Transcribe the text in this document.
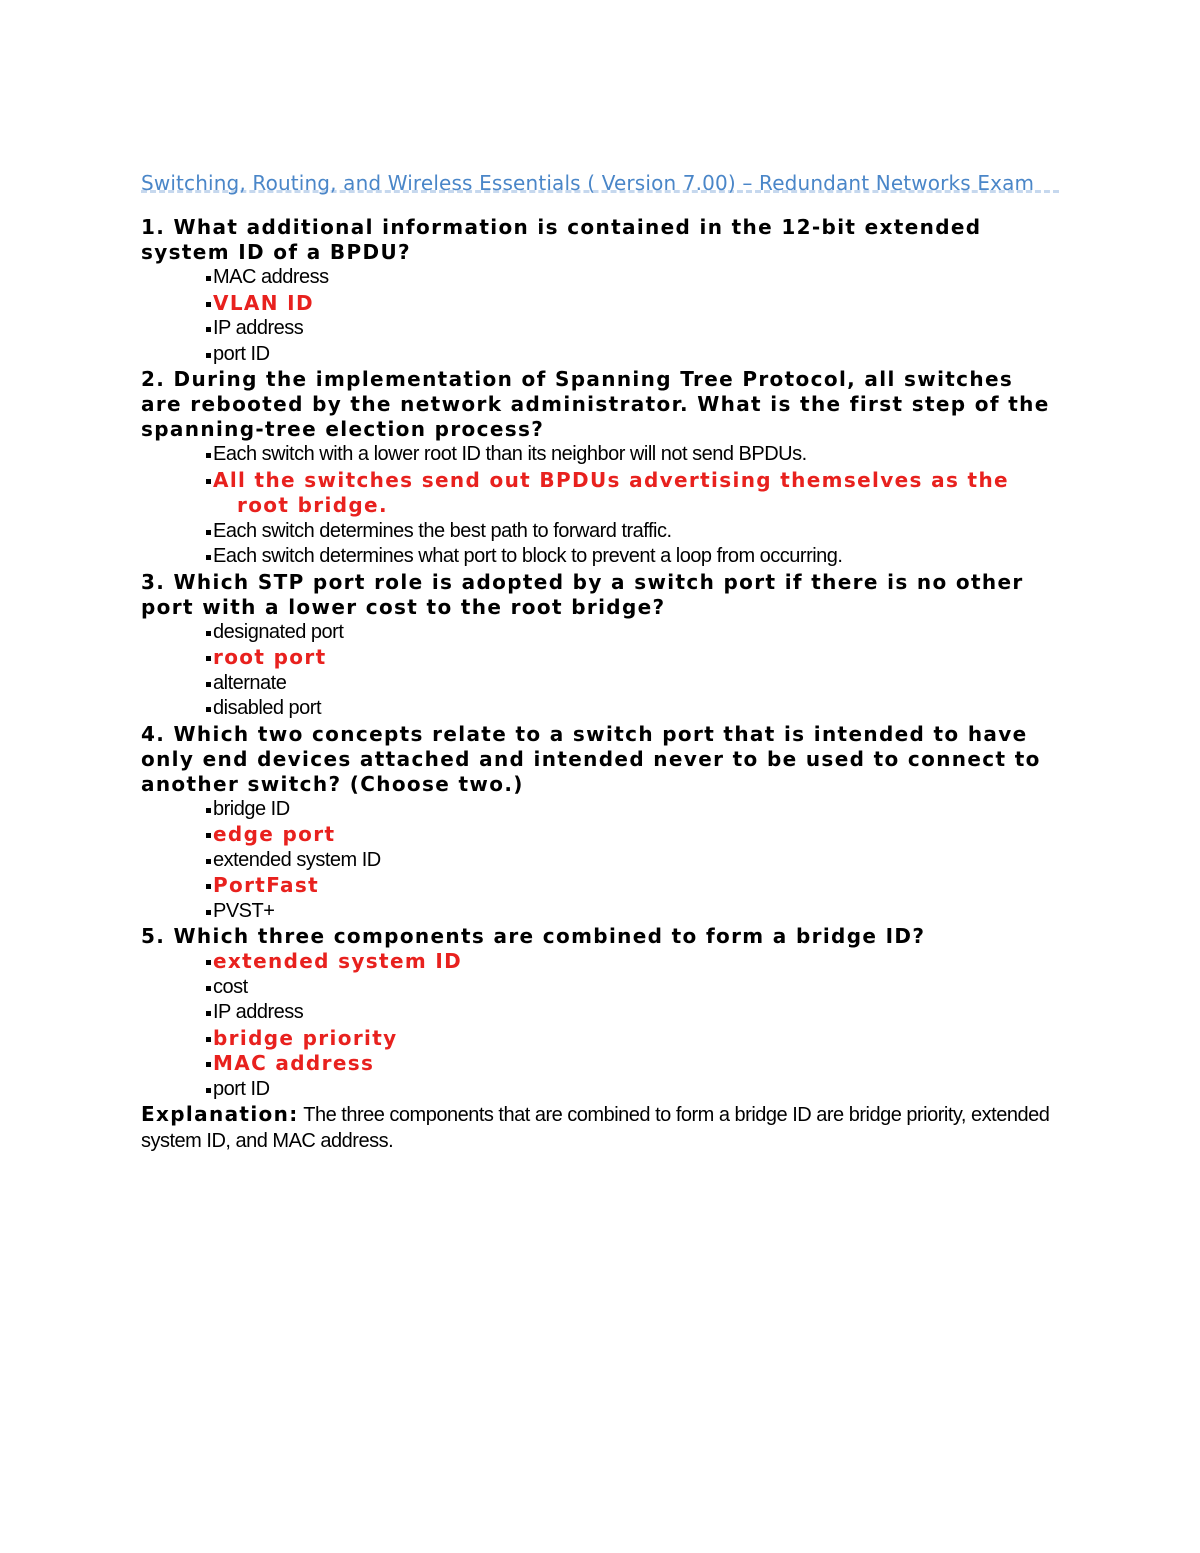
Switching, Routing, and Wireless Essentials ( Version 7.00) – Redundant Networks Exam

1. What additional information is contained in the 12-bit extended system ID of a BPDU?

MAC address
VLAN ID
IP address
port ID

2. During the implementation of Spanning Tree Protocol, all switches are rebooted by the network administrator. What is the first step of the spanning-tree election process?

Each switch with a lower root ID than its neighbor will not send BPDUs.
All the switches send out BPDUs advertising themselves as the root bridge.
Each switch determines the best path to forward traffic.
Each switch determines what port to block to prevent a loop from occurring.

3. Which STP port role is adopted by a switch port if there is no other port with a lower cost to the root bridge?

designated port
root port
alternate
disabled port

4. Which two concepts relate to a switch port that is intended to have only end devices attached and intended never to be used to connect to another switch? (Choose two.)

bridge ID
edge port
extended system ID
PortFast
PVST+

5. Which three components are combined to form a bridge ID?

extended system ID
cost
IP address
bridge priority
MAC address
port ID

Explanation: The three components that are combined to form a bridge ID are bridge priority, extended system ID, and MAC address.
